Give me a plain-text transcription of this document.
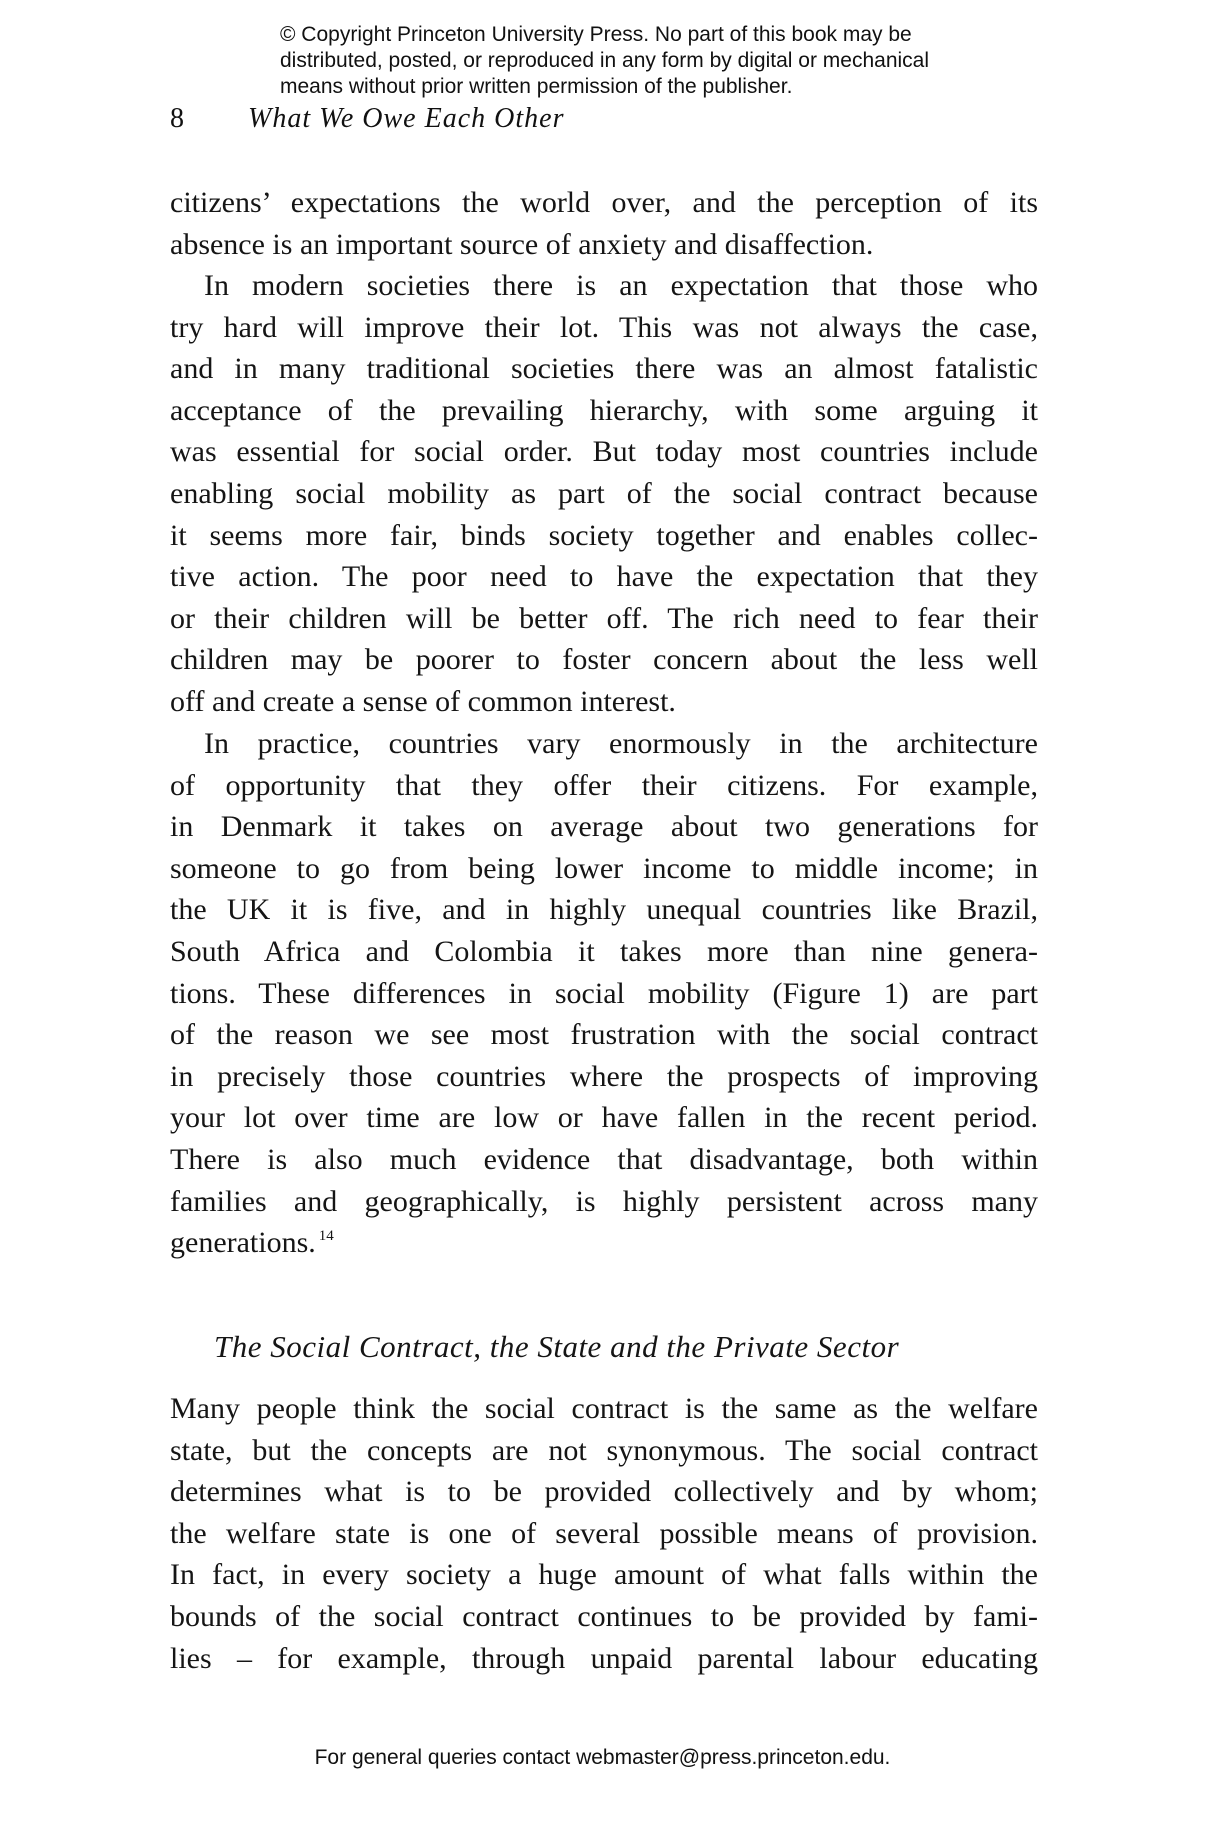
© Copyright Princeton University Press. No part of this book may be
distributed, posted, or reproduced in any form by digital or mechanical
means without prior written permission of the publisher.
8 What We Owe Each Other
citizens’ expectations the world over, and the perception of its
absence is an important source of anxiety and disaffection.
In modern societies there is an expectation that those who
try hard will improve their lot. This was not always the case,
and in many traditional societies there was an almost fatalistic
acceptance of the prevailing hierarchy, with some arguing it
was essential for social order. But today most countries include
enabling social mobility as part of the social contract because
it seems more fair, binds society together and enables collec-
tive action. The poor need to have the expectation that they
or their children will be better off. The rich need to fear their
children may be poorer to foster concern about the less well
off and create a sense of common interest.
In practice, countries vary enormously in the architecture
of opportunity that they offer their citizens. For example,
in Denmark it takes on average about two generations for
someone to go from being lower income to middle income; in
the UK it is five, and in highly unequal countries like Brazil,
South Africa and Colombia it takes more than nine genera-
tions. These differences in social mobility (Figure 1) are part
of the reason we see most frustration with the social contract
in precisely those countries where the prospects of improving
your lot over time are low or have fallen in the recent period.
There is also much evidence that disadvantage, both within
families and geographically, is highly persistent across many
generations. $^{14}$
The Social Contract, the State and the Private Sector
Many people think the social contract is the same as the welfare
state, but the concepts are not synonymous. The social contract
determines what is to be provided collectively and by whom;
the welfare state is one of several possible means of provision.
In fact, in every society a huge amount of what falls within the
bounds of the social contract continues to be provided by fami-
lies – for example, through unpaid parental labour educating
For general queries contact webmaster@press.princeton.edu.
